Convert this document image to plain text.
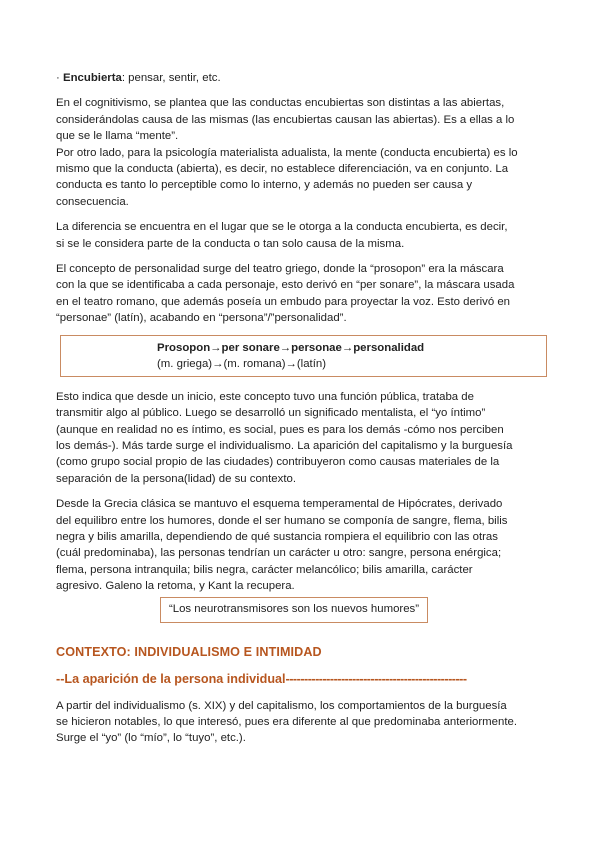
· Encubierta: pensar, sentir, etc.

En el cognitivismo, se plantea que las conductas encubiertas son distintas a las abiertas,
considerándolas causa de las mismas (las encubiertas causan las abiertas). Es a ellas a lo
que se le llama “mente”.
Por otro lado, para la psicología materialista adualista, la mente (conducta encubierta) es lo
mismo que la conducta (abierta), es decir, no establece diferenciación, va en conjunto. La
conducta es tanto lo perceptible como lo interno, y además no pueden ser causa y
consecuencia.

La diferencia se encuentra en el lugar que se le otorga a la conducta encubierta, es decir,
si se le considera parte de la conducta o tan solo causa de la misma.

El concepto de personalidad surge del teatro griego, donde la “prosopon” era la máscara
con la que se identificaba a cada personaje, esto derivó en “per sonare”, la máscara usada
en el teatro romano, que además poseía un embudo para proyectar la voz. Esto derivó en
“personae” (latín), acabando en “persona”/”personalidad”.

Prosopon→per sonare→personae→personalidad
(m. griega)→(m. romana)→(latín)

Esto indica que desde un inicio, este concepto tuvo una función pública, trataba de
transmitir algo al público. Luego se desarrolló un significado mentalista, el “yo íntimo”
(aunque en realidad no es íntimo, es social, pues es para los demás -cómo nos perciben
los demás-). Más tarde surge el individualismo. La aparición del capitalismo y la burguesía
(como grupo social propio de las ciudades) contribuyeron como causas materiales de la
separación de la persona(lidad) de su contexto.

Desde la Grecia clásica se mantuvo el esquema temperamental de Hipócrates, derivado
del equilibro entre los humores, donde el ser humano se componía de sangre, flema, bilis
negra y bilis amarilla, dependiendo de qué sustancia rompiera el equilibrio con las otras
(cuál predominaba), las personas tendrían un carácter u otro: sangre, persona enérgica;
flema, persona intranquila; bilis negra, carácter melancólico; bilis amarilla, carácter
agresivo. Galeno la retoma, y Kant la recupera.

“Los neurotransmisores son los nuevos humores”
CONTEXTO: INDIVIDUALISMO E INTIMIDAD
--La aparición de la persona individual-------------------------------------------------

A partir del individualismo (s. XIX) y del capitalismo, los comportamientos de la burguesía
se hicieron notables, lo que interesó, pues era diferente al que predominaba anteriormente.
Surge el “yo” (lo “mío”, lo “tuyo”, etc.).
